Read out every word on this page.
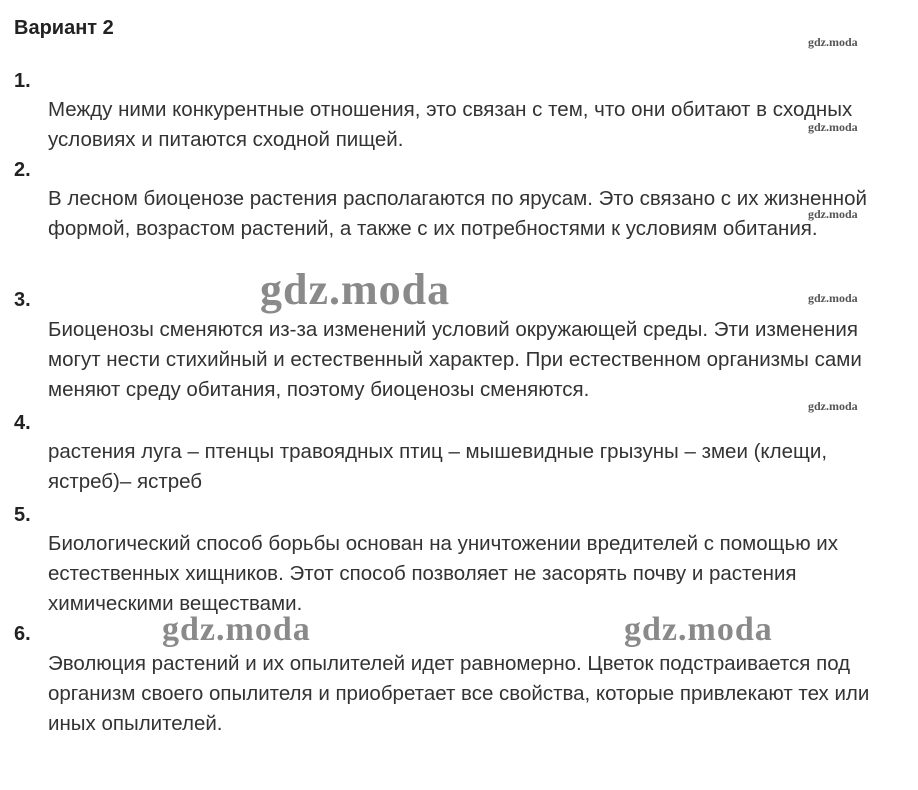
Вариант 2
1.

Между ними конкурентные отношения, это связан с тем, что они обитают в сходных условиях и питаются сходной пищей.

2.

В лесном биоценозе растения располагаются по ярусам. Это связано с их жизненной формой, возрастом растений, а также с их потребностями к условиям обитания.

3.

Биоценозы сменяются из-за изменений условий окружающей среды. Эти изменения могут нести стихийный и естественный характер. При естественном организмы сами меняют среду обитания, поэтому биоценозы сменяются.

4.

растения луга – птенцы травоядных птиц – мышевидные грызуны – змеи (клещи, ястреб)– ястреб

5.

Биологический способ борьбы основан на уничтожении вредителей с помощью их естественных хищников. Этот способ позволяет не засорять почву и растения химическими веществами.

6.

Эволюция растений и их опылителей идет равномерно. Цветок подстраивается под организм своего опылителя и приобретает все свойства, которые привлекают тех или иных опылителей.

gdz.moda
gdz.moda
gdz.moda
gdz.moda
gdz.moda
gdz.moda
gdz.moda	gdz.moda
